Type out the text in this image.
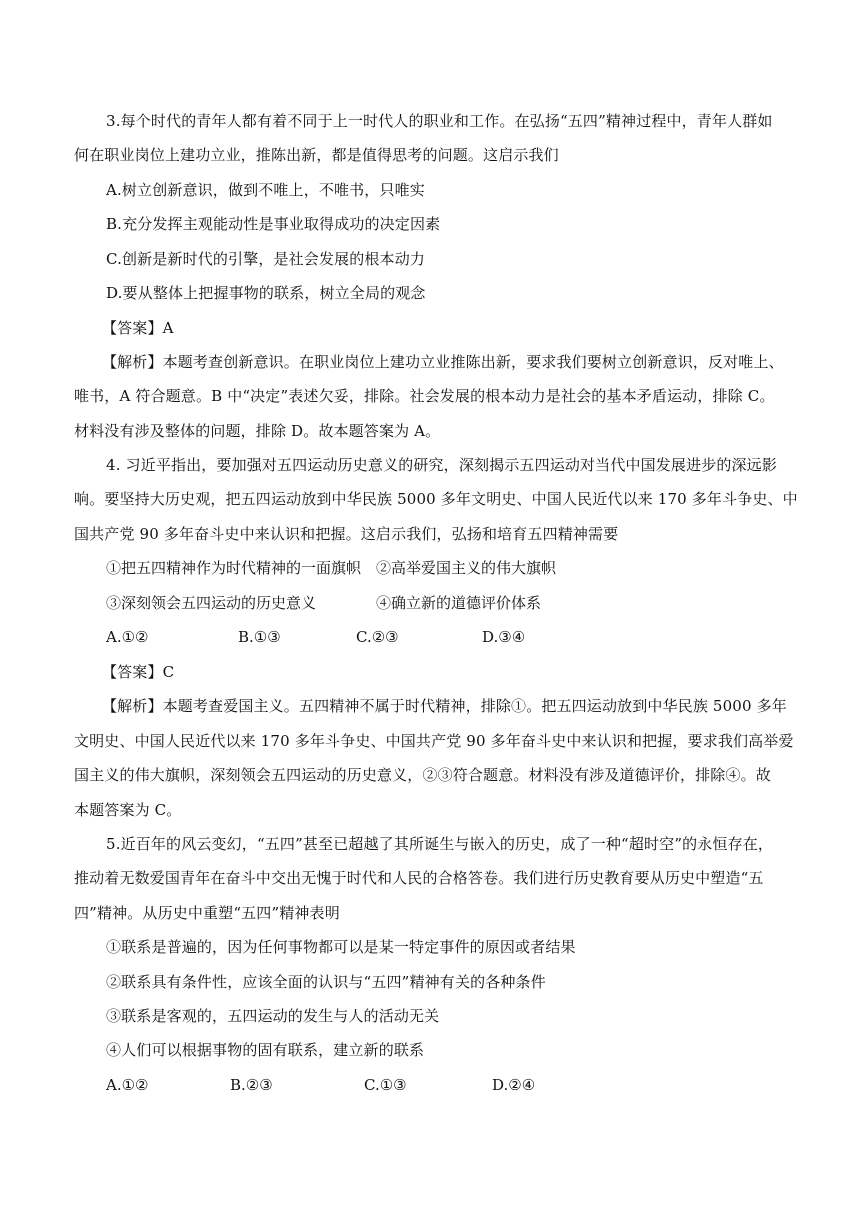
3.每个时代的青年人都有着不同于上一时代人的职业和工作。在弘扬“五四”精神过程中，青年人群如
何在职业岗位上建功立业，推陈出新，都是值得思考的问题。这启示我们
A.树立创新意识，做到不唯上，不唯书，只唯实
B.充分发挥主观能动性是事业取得成功的决定因素
C.创新是新时代的引擎，是社会发展的根本动力
D.要从整体上把握事物的联系，树立全局的观念
【答案】A
【解析】本题考查创新意识。在职业岗位上建功立业推陈出新，要求我们要树立创新意识，反对唯上、
唯书，A 符合题意。B 中“决定”表述欠妥，排除。社会发展的根本动力是社会的基本矛盾运动，排除 C。
材料没有涉及整体的问题，排除 D。故本题答案为 A。
4. 习近平指出，要加强对五四运动历史意义的研究，深刻揭示五四运动对当代中国发展进步的深远影
响。要坚持大历史观，把五四运动放到中华民族 5000 多年文明史、中国人民近代以来 170 多年斗争史、中
国共产党 90 多年奋斗史中来认识和把握。这启示我们，弘扬和培育五四精神需要
①把五四精神作为时代精神的一面旗帜 ②高举爱国主义的伟大旗帜
③深刻领会五四运动的历史意义	④确立新的道德评价体系
A.①②	B.①③	C.②③	D.③④
【答案】C
【解析】本题考查爱国主义。五四精神不属于时代精神，排除①。把五四运动放到中华民族 5000 多年
文明史、中国人民近代以来 170 多年斗争史、中国共产党 90 多年奋斗史中来认识和把握，要求我们高举爱
国主义的伟大旗帜，深刻领会五四运动的历史意义，②③符合题意。材料没有涉及道德评价，排除④。故
本题答案为 C。
5.近百年的风云变幻，“五四”甚至已超越了其所诞生与嵌入的历史，成了一种“超时空”的永恒存在，
推动着无数爱国青年在奋斗中交出无愧于时代和人民的合格答卷。我们进行历史教育要从历史中塑造“五
四”精神。从历史中重塑“五四”精神表明
①联系是普遍的，因为任何事物都可以是某一特定事件的原因或者结果
②联系具有条件性，应该全面的认识与“五四”精神有关的各种条件
③联系是客观的，五四运动的发生与人的活动无关
④人们可以根据事物的固有联系，建立新的联系
A.①②	B.②③	C.①③	D.②④
